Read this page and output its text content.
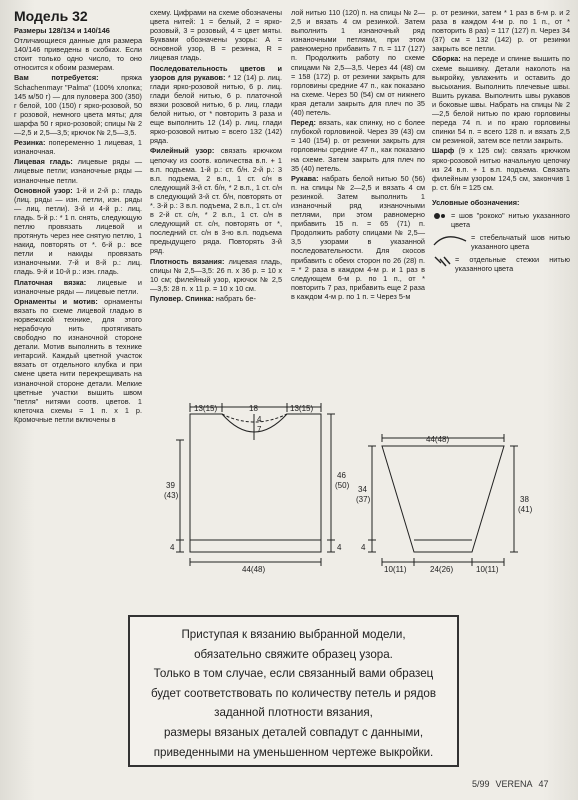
Модель 32

Размеры 128/134 и 140/146

Отличающиеся данные для размера 140/146 приведены в скобках. Если стоит только одно число, то оно относится к обоим размерам.

Вам потребуется:	пряжа Schachenmayr "Palma" (100% хлопка; 145 м/50 г) — для пуловера 300 (350) г белой, 100 (150) г ярко-розовой, 50 г розовой, немного цвета мяты; для шарфа 50 г ярко-розовой; спицы № 2—2,5 и 2,5—3,5; крючок № 2,5—3,5.

Резинка: попеременно 1 лицевая, 1 изнаночная.

Лицевая гладь: лицевые ряды — лицевые петли; изнаночные ряды — изнаночные петли.

Основной узор: 1-й и 2-й р.: гладь (лиц. ряды — изн. петли, изн. ряды — лиц. петли). 3-й и 4-й р.: лиц. гладь. 5-й р.: * 1 п. снять, следующую петлю провязать лицевой и протянуть через нее снятую петлю, 1 накид, повторять от *. 6-й р.: все петли и накиды провязать изнаночными. 7-й и 8-й р.: лиц. гладь. 9-й и 10-й р.: изн. гладь.

Платочная вязка: лицевые и изнаночные ряды — лицевые петли.

Орнаменты и мотив: орнаменты вязать по схеме лицевой гладью в норвежской технике, для этого нерабочую нить протягивать свободно по изнаночной стороне детали. Мотив выполнить в технике интарсий. Каждый цветной участок вязать от отдельного клубка и при смене цвета нити перекрещивать на изнаночной стороне детали. Мелкие цветные участки вышить швом "петля" нитями соотв. цветов. 1 клеточка схемы = 1 п. х 1 р. Кромочные петли включены в

схему. Цифрами на схеме обозначены цвета нитей: 1 = белый, 2 = ярко-розовый, 3 = розовый, 4 = цвет мяты. Буквами обозначены узоры: A = основной узор, B = резинка, R = лицевая гладь.

Последовательность цветов и узоров для рукавов: * 12 (14) р. лиц. глади ярко-розовой нитью, 6 р. лиц. глади белой нитью, 6 р. платочной вязки розовой нитью, 6 р. лиц. глади белой нитью, от * повторить 3 раза и еще выполнить 12 (14) р. лиц. глади ярко-розовой нитью = всего 132 (142) ряда.

Филейный узор: связать крючком цепочку из соотв. количества в.п. + 1 в.п. подъема. 1-й р.: ст. б/н. 2-й р.: 3 в.п. подъема, 2 в.п., 1 ст. с/н в следующий 3-й ст. б/н, * 2 в.п., 1 ст. с/н в следующий 3-й ст. б/н, повторять от *. 3-й р.: 3 в.п. подъема, 2 в.п., 1 ст. с/н в 2-й ст. с/н, * 2 в.п., 1 ст. с/н в следующий ст. с/н, повторять от *, последний ст. с/н в 3-ю в.п. подъема предыдущего ряда. Повторять 3-й ряд.

Плотность вязания: лицевая гладь, спицы № 2,5—3,5: 26 п. х 36 р. = 10 х 10 см; филейный узор, крючок № 2,5—3,5: 28 п. х 11 р. = 10 х 10 см.

Пуловер. Спинка: набрать бе-

лой нитью 110 (120) п. на спицы № 2—2,5 и вязать 4 см резинкой. Затем выполнить 1 изнаночный ряд изнаночными петлями, при этом равномерно прибавить 7 п. = 117 (127) п. Продолжить работу по схеме спицами № 2,5—3,5. Через 44 (48) см = 158 (172) р. от резинки закрыть для горловины средние 47 п., как показано на схеме. Через 50 (54) см от нижнего края детали закрыть для плеч по 35 (40) петель.

Перед: вязать, как спинку, но с более глубокой горловиной. Через 39 (43) см = 140 (154) р. от резинки закрыть для горловины средние 47 п., как показано на схеме. Затем закрыть для плеч по 35 (40) петель.

Рукава: набрать белой нитью 50 (56) п. на спицы № 2—2,5 и вязать 4 см резинкой. Затем выполнить 1 изнаночный ряд изнаночными петлями, при этом равномерно прибавить 15 п. = 65 (71) п. Продолжить работу спицами № 2,5—3,5 узорами в указанной последовательности. Для скосов прибавить с обеих сторон по 26 (28) п. = * 2 раза в каждом 4-м р. и 1 раз в следующем 6-м р. по 1 п., от * повторить 7 раз, прибавить еще 2 раза в каждом 4-м р. по 1 п. = Через 5-м

р. от резинки, затем * 1 раз в 6-м р. и 2 раза в каждом 4-м р. по 1 п., от * повторить 8 раз) = 117 (127) п. Через 34 (37) см = 132 (142) р. от резинки закрыть все петли.

Сборка: на переде и спинке вышить по схеме вышивку. Детали наколоть на выкройку, увлажнить и оставить до высыхания. Выполнить плечевые швы. Вшить рукава. Выполнить швы рукавов и боковые швы. Набрать на спицы № 2—2,5 белой нитью по краю горловины переда 74 п. и по краю горловины спинки 54 п. = всего 128 п. и вязать 2,5 см резинкой, затем все петли закрыть.

Шарф (9 х 125 см): связать крючком ярко-розовой нитью начальную цепочку из 24 в.п. + 1 в.п. подъема. Связать филейным узором 124,5 см, закончив 1 р. ст. б/н = 125 см.

Условные обозначения:

= шов "рококо" нитью указанного цвета
= стебельчатый шов нитью указанного цвета
= отдельные стежки нитью указанного цвета
13(15)	18	13(15)
7
4
39 (43)
46 (50)
4	4
44(48)
44(48)
34 (37)	38 (41)
4
10(11)	24(26)	10(11)
Приступая к вязанию выбранной модели,
обязательно свяжите образец узора.
Только в том случае, если связанный вами образец
будет соответствовать по количеству петель и рядов
заданной плотности вязания,
размеры вязаных деталей совпадут с данными,
приведенными на уменьшенном чертеже выкройки.
5/99 VERENA 47
